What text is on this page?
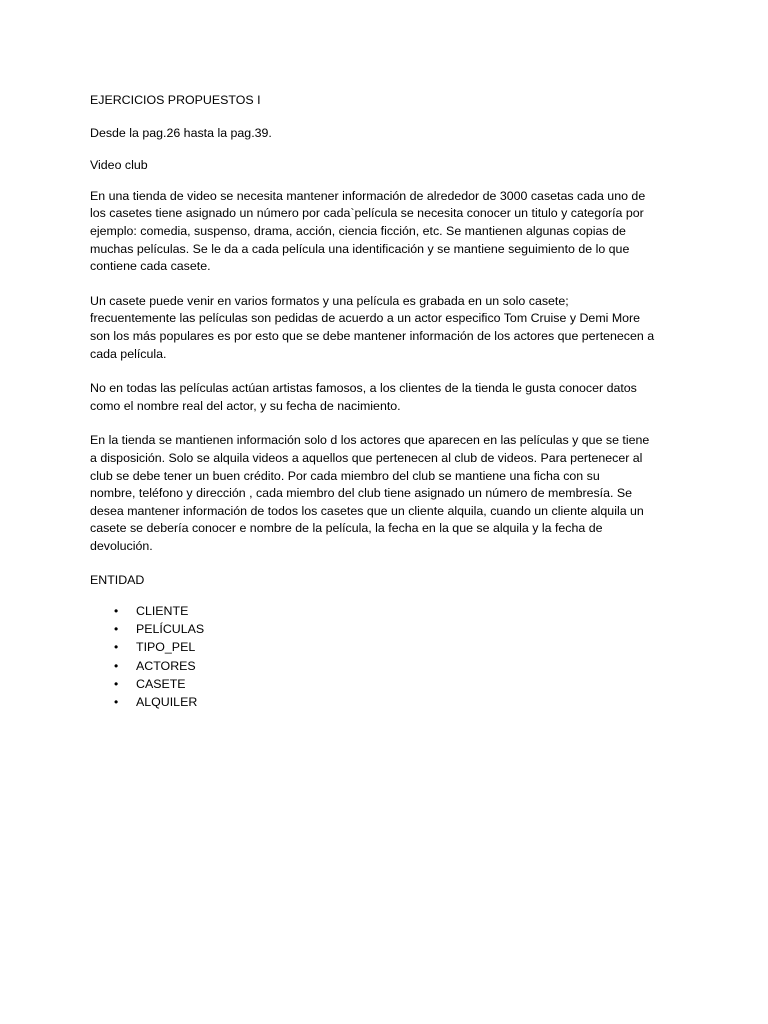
EJERCICIOS PROPUESTOS I

Desde la pag.26 hasta la pag.39.

Video club

En una tienda de video se necesita mantener información de alrededor de 3000 casetas cada uno de

los casetes tiene asignado un número por cada`película se necesita conocer un titulo y categoría por

ejemplo: comedia, suspenso, drama, acción, ciencia ficción, etc. Se mantienen algunas copias de

muchas películas. Se le da a cada película una identificación y se mantiene seguimiento de lo que

contiene cada casete.

Un casete puede venir en varios formatos y una película es grabada en un solo casete;

frecuentemente las películas son pedidas de acuerdo a un actor especifico Tom Cruise y Demi More

son los más populares es por esto que se debe mantener información de los actores que pertenecen a

cada película.

No en todas las películas actúan artistas famosos, a los clientes de la tienda le gusta conocer datos

como el nombre real del actor, y su fecha de nacimiento.

En la tienda se mantienen información solo d los actores que aparecen en las películas y que se tiene

a disposición. Solo se alquila videos a aquellos que pertenecen al club de videos. Para pertenecer al

club se debe tener un buen crédito. Por cada miembro del club se mantiene una ficha con su

nombre, teléfono y dirección , cada miembro del club tiene asignado un número de membresía. Se

desea mantener información de todos los casetes que un cliente alquila, cuando un cliente alquila un

casete se debería conocer e nombre de la película, la fecha en la que se alquila y la fecha de

devolución.

ENTIDAD

• CLIENTE
• PELÍCULAS
• TIPO_PEL
• ACTORES
• CASETE
• ALQUILER
